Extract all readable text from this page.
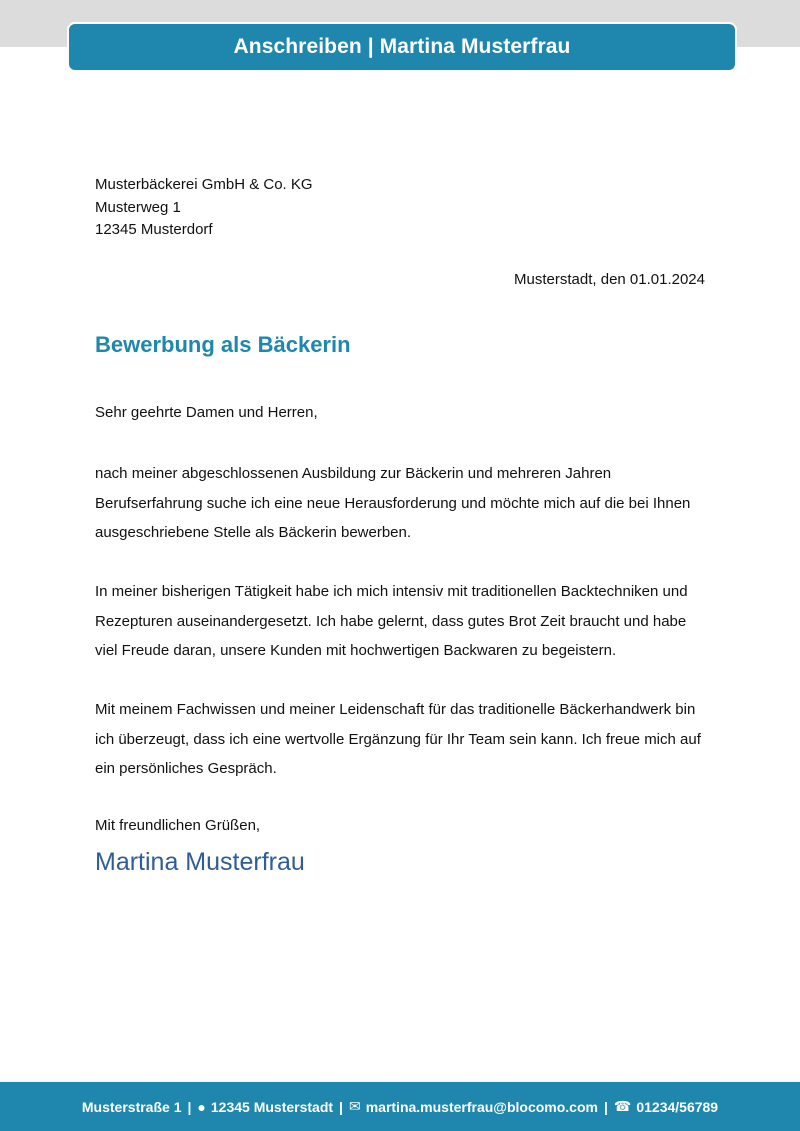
Anschreiben | Martina Musterfrau
Musterbäckerei GmbH & Co. KG
Musterweg 1
12345 Musterdorf
Musterstadt, den 01.01.2024
Bewerbung als Bäckerin
Sehr geehrte Damen und Herren,
nach meiner abgeschlossenen Ausbildung zur Bäckerin und mehreren Jahren Berufserfahrung suche ich eine neue Herausforderung und möchte mich auf die bei Ihnen ausgeschriebene Stelle als Bäckerin bewerben.
In meiner bisherigen Tätigkeit habe ich mich intensiv mit traditionellen Backtechniken und Rezepturen auseinandergesetzt. Ich habe gelernt, dass gutes Brot Zeit braucht und habe viel Freude daran, unsere Kunden mit hochwertigen Backwaren zu begeistern.
Mit meinem Fachwissen und meiner Leidenschaft für das traditionelle Bäckerhandwerk bin ich überzeugt, dass ich eine wertvolle Ergänzung für Ihr Team sein kann. Ich freue mich auf ein persönliches Gespräch.
Mit freundlichen Grüßen,
Martina Musterfrau
Musterstraße 1 | ● 12345 Musterstadt | ✉ martina.musterfrau@blocomo.com | ☎ 01234/56789
